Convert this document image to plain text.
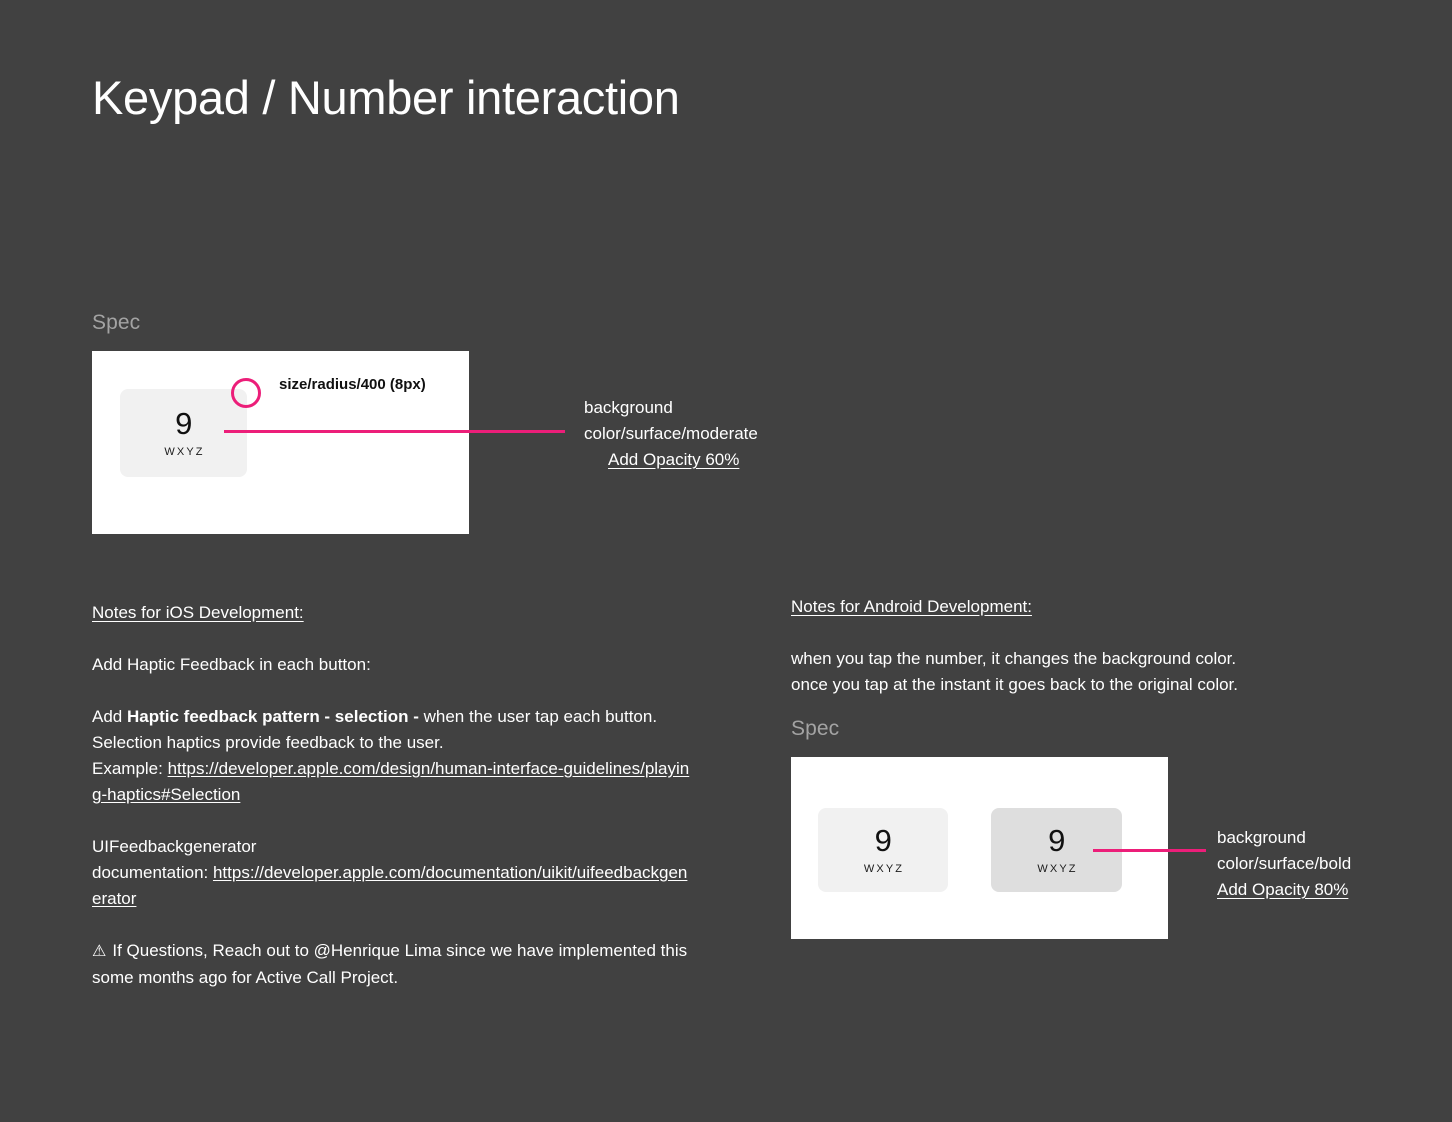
Keypad / Number interaction
Spec
9
WXYZ
size/radius/400 (8px)
background
color/surface/moderate
Add Opacity 60%
Notes for iOS Development:
Add Haptic Feedback in each button:
Add Haptic feedback pattern - selection - when the user tap each button.
Selection haptics provide feedback to the user.
Example: https://developer.apple.com/design/human-interface-guidelines/playing-haptics#Selection
UIFeedbackgenerator
documentation: https://developer.apple.com/documentation/uikit/uifeedbackgenerator
⚠ If Questions, Reach out to @Henrique Lima since we have implemented this some months ago for Active Call Project.
Notes for Android Development:
when you tap the number, it changes the background color.
once you tap at the instant it goes back to the original color.
Spec
9
WXYZ
9
WXYZ
background
color/surface/bold
Add Opacity 80%
